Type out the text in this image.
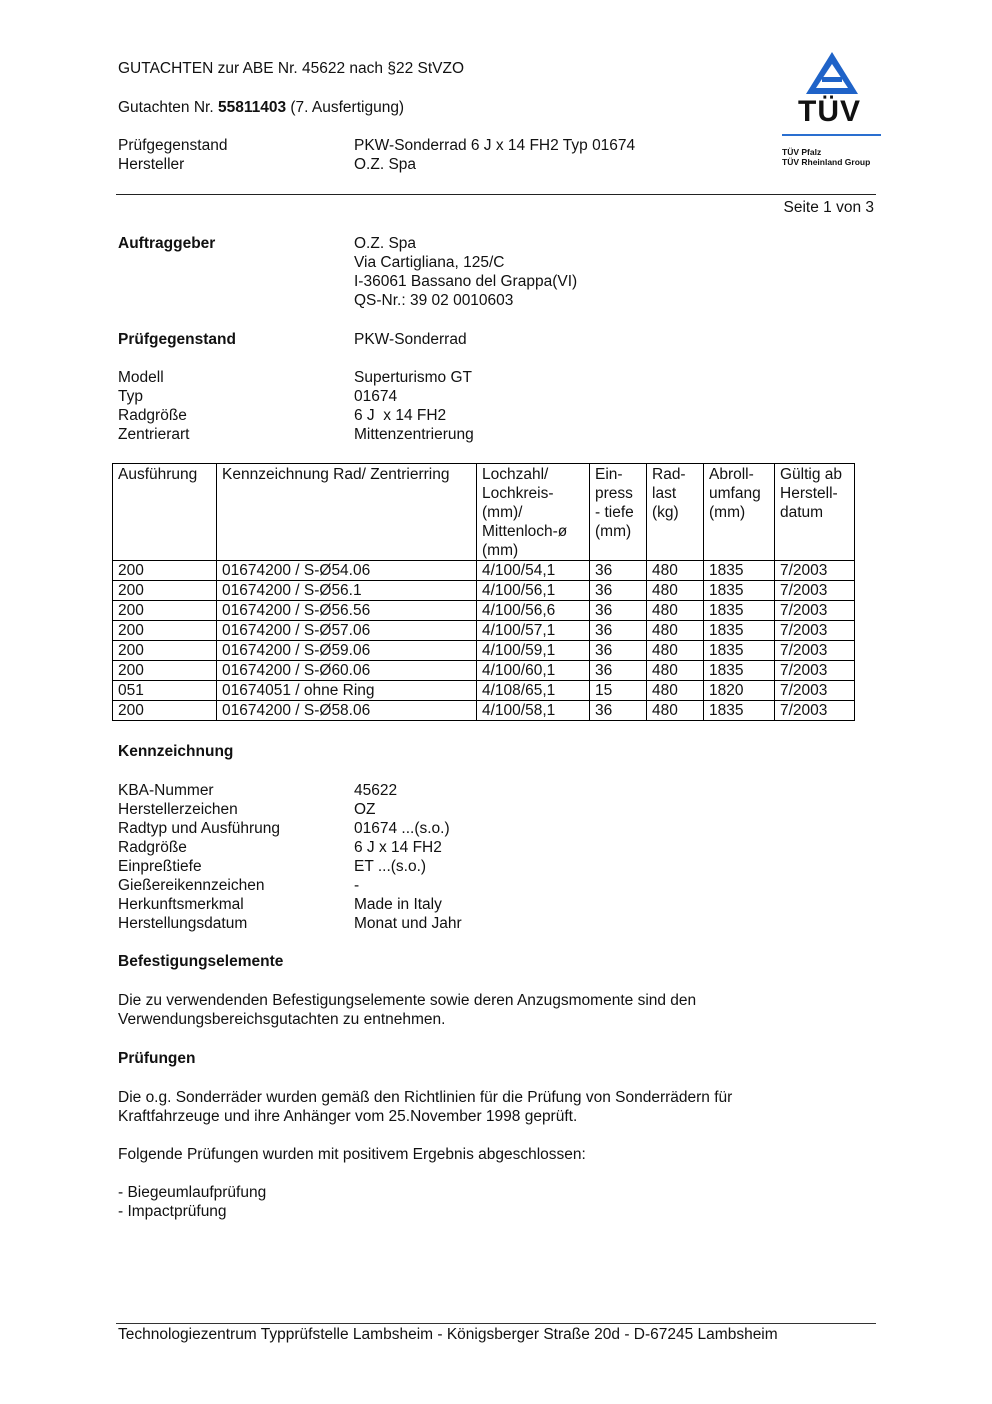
GUTACHTEN zur ABE Nr. 45622 nach §22 StVZO
Gutachten Nr. 55811403 (7. Ausfertigung)
Prüfgegenstand	PKW-Sonderrad 6 J x 14 FH2 Typ 01674
Hersteller	O.Z. Spa
TÜV
TÜV Pfalz
TÜV Rheinland Group
Seite 1 von 3
Auftraggeber	O.Z. Spa
Via Cartigliana, 125/C
I-36061 Bassano del Grappa(VI)
QS-Nr.: 39 02 0010603
Prüfgegenstand	PKW-Sonderrad
Modell	Superturismo GT
Typ	01674
Radgröße	6 J  x 14 FH2
Zentrierart	Mittenzentrierung
Ausführung	Kennzeichnung Rad/ Zentrierring	Lochzahl/ Lochkreis- (mm)/ Mittenloch-ø (mm)	Ein- press - tiefe (mm)	Rad- last (kg)	Abroll- umfang (mm)	Gültig ab Herstell- datum
200	01674200 / S-Ø54.06	4/100/54,1	36	480	1835	7/2003
200	01674200 / S-Ø56.1	4/100/56,1	36	480	1835	7/2003
200	01674200 / S-Ø56.56	4/100/56,6	36	480	1835	7/2003
200	01674200 / S-Ø57.06	4/100/57,1	36	480	1835	7/2003
200	01674200 / S-Ø59.06	4/100/59,1	36	480	1835	7/2003
200	01674200 / S-Ø60.06	4/100/60,1	36	480	1835	7/2003
051	01674051 / ohne Ring	4/108/65,1	15	480	1820	7/2003
200	01674200 / S-Ø58.06	4/100/58,1	36	480	1835	7/2003
Kennzeichnung
KBA-Nummer	45622
Herstellerzeichen	OZ
Radtyp und Ausführung	01674 ...(s.o.)
Radgröße	6 J x 14 FH2
Einpreßtiefe	ET ...(s.o.)
Gießereikennzeichen	-
Herkunftsmerkmal	Made in Italy
Herstellungsdatum	Monat und Jahr
Befestigungselemente
Die zu verwendenden Befestigungselemente sowie deren Anzugsmomente sind den
Verwendungsbereichsgutachten zu entnehmen.
Prüfungen
Die o.g. Sonderräder wurden gemäß den Richtlinien für die Prüfung von Sonderrädern für
Kraftfahrzeuge und ihre Anhänger vom 25.November 1998 geprüft.
Folgende Prüfungen wurden mit positivem Ergebnis abgeschlossen:
- Biegeumlaufprüfung
- Impactprüfung
Technologiezentrum Typprüfstelle Lambsheim - Königsberger Straße 20d - D-67245 Lambsheim
